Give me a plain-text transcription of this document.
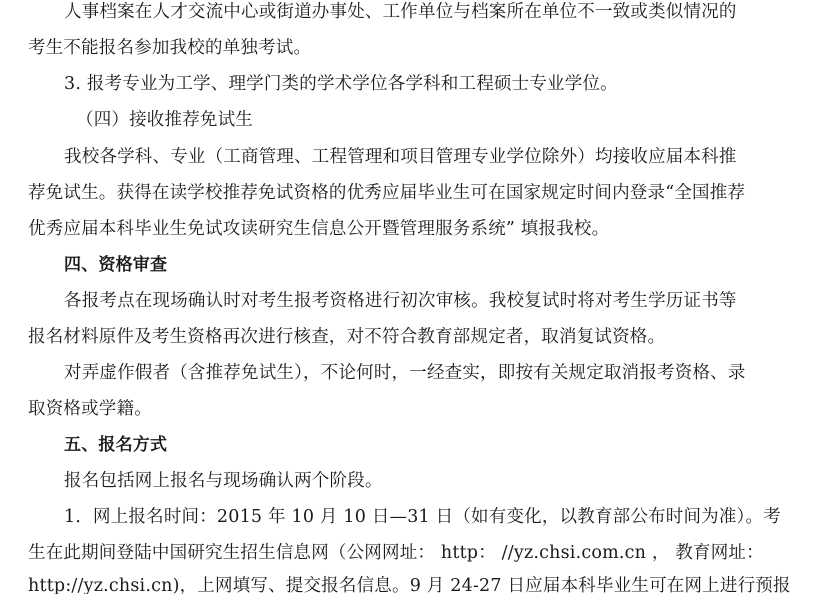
人事档案在人才交流中心或街道办事处、工作单位与档案所在单位不一致或类似情况的
考生不能报名参加我校的单独考试。
3. 报考专业为工学、理学门类的学术学位各学科和工程硕士专业学位。
（四）接收推荐免试生
我校各学科、专业（工商管理、工程管理和项目管理专业学位除外）均接收应届本科推
荐免试生。获得在读学校推荐免试资格的优秀应届毕业生可在国家规定时间内登录“全国推荐
优秀应届本科毕业生免试攻读研究生信息公开暨管理服务系统” 填报我校。
四、资格审查
各报考点在现场确认时对考生报考资格进行初次审核。我校复试时将对考生学历证书等
报名材料原件及考生资格再次进行核查，对不符合教育部规定者，取消复试资格。
对弄虚作假者（含推荐免试生），不论何时，一经查实，即按有关规定取消报考资格、录
取资格或学籍。
五、报名方式
报名包括网上报名与现场确认两个阶段。
1．网上报名时间：2015 年 10 月 10 日—31 日（如有变化，以教育部公布时间为准）。考
生在此期间登陆中国研究生招生信息网（公网网址： http： //yz.chsi.com.cn ， 教育网址：
http://yz.chsi.cn)，上网填写、提交报名信息。9 月 24-27 日应届本科毕业生可在网上进行预报
